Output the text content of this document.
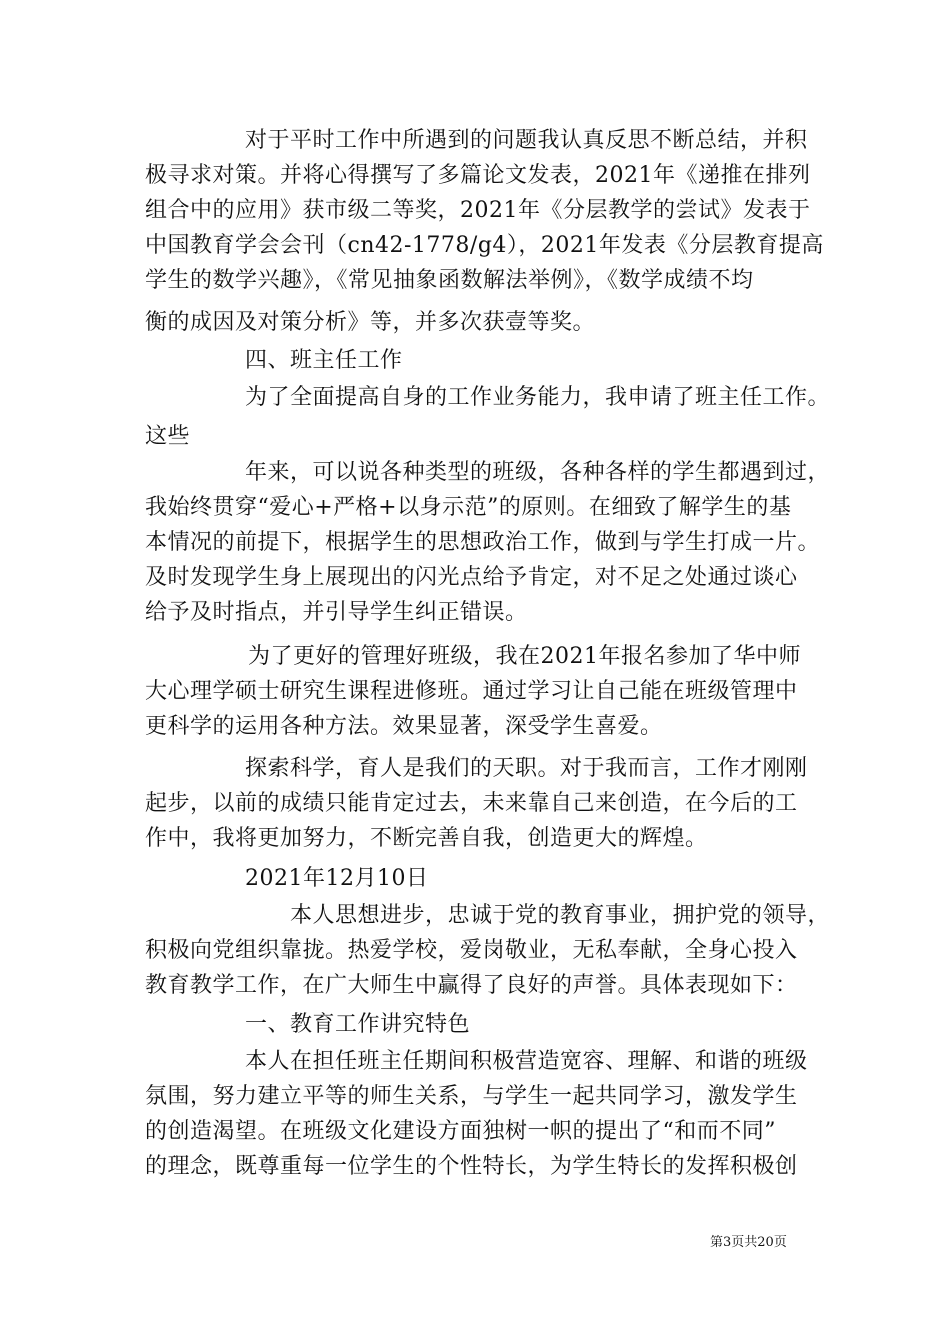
对于平时工作中所遇到的问题我认真反思不断总结，并积
极寻求对策。并将心得撰写了多篇论文发表，2021年《递推在排列
组合中的应用》获市级二等奖，2021年《分层教学的尝试》发表于
中国教育学会会刊（cn42-1778/g4），2021年发表《分层教育提高
学生的数学兴趣》，《常见抽象函数解法举例》，《数学成绩不均
衡的成因及对策分析》等，并多次获壹等奖。
四、班主任工作
为了全面提高自身的工作业务能力，我申请了班主任工作。
这些
年来，可以说各种类型的班级，各种各样的学生都遇到过，
我始终贯穿“爱心+严格+以身示范”的原则。在细致了解学生的基
本情况的前提下，根据学生的思想政治工作，做到与学生打成一片。
及时发现学生身上展现出的闪光点给予肯定，对不足之处通过谈心
给予及时指点，并引导学生纠正错误。
为了更好的管理好班级，我在2021年报名参加了华中师
大心理学硕士研究生课程进修班。通过学习让自己能在班级管理中
更科学的运用各种方法。效果显著，深受学生喜爱。
探索科学，育人是我们的天职。对于我而言，工作才刚刚
起步，以前的成绩只能肯定过去，未来靠自己来创造，在今后的工
作中，我将更加努力，不断完善自我，创造更大的辉煌。
2021年12月10日
本人思想进步，忠诚于党的教育事业，拥护党的领导，
积极向党组织靠拢。热爱学校，爱岗敬业，无私奉献，全身心投入
教育教学工作，在广大师生中赢得了良好的声誉。具体表现如下：
一、教育工作讲究特色
本人在担任班主任期间积极营造宽容、理解、和谐的班级
氛围，努力建立平等的师生关系，与学生一起共同学习，激发学生
的创造渴望。在班级文化建设方面独树一帜的提出了“和而不同”
的理念，既尊重每一位学生的个性特长，为学生特长的发挥积极创
第3页共20页
